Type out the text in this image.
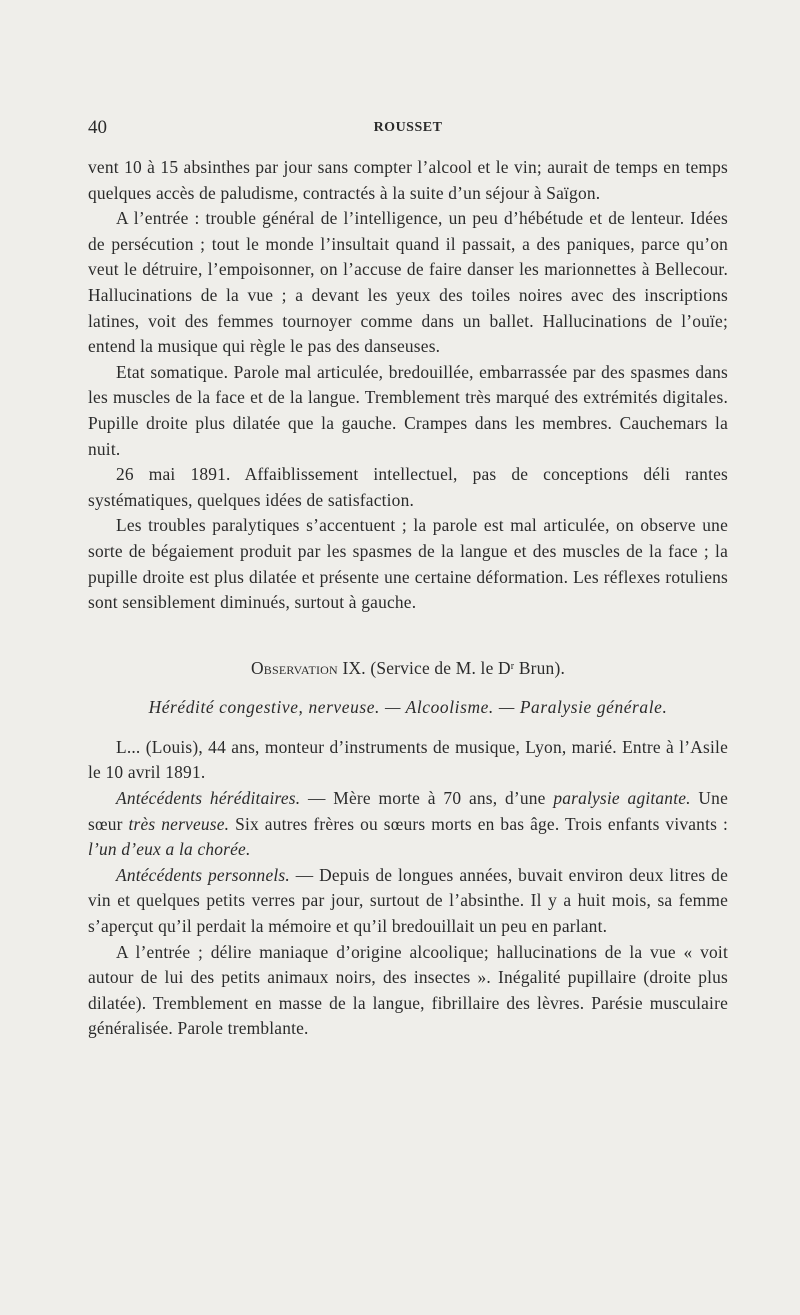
40	ROUSSET

vent 10 à 15 absinthes par jour sans compter l’alcool et le vin; aurait de temps en temps quelques accès de paludisme, contractés à la suite d’un séjour à Saïgon.

A l’entrée : trouble général de l’intelligence, un peu d’hébétude et de lenteur. Idées de persécution ; tout le monde l’insultait quand il passait, a des paniques, parce qu’on veut le détruire, l’empoisonner, on l’accuse de faire danser les marionnettes à Bellecour. Hallucinations de la vue ; a devant les yeux des toiles noires avec des inscriptions latines, voit des femmes tournoyer comme dans un ballet. Hallucinations de l’ouïe; entend la musique qui règle le pas des danseuses.

Etat somatique. Parole mal articulée, bredouillée, embarrassée par des spasmes dans les muscles de la face et de la langue. Tremblement très marqué des extrémités digitales. Pupille droite plus dilatée que la gauche. Crampes dans les membres. Cauchemars la nuit.

26 mai 1891. Affaiblissement intellectuel, pas de conceptions déli rantes systématiques, quelques idées de satisfaction.

Les troubles paralytiques s’accentuent ; la parole est mal articulée, on observe une sorte de bégaiement produit par les spasmes de la langue et des muscles de la face ; la pupille droite est plus dilatée et présente une certaine déformation. Les réflexes rotuliens sont sensiblement diminués, surtout à gauche.

Observation IX. (Service de M. le $D^r$ Brun).
Hérédité congestive, nerveuse. — Alcoolisme. — Paralysie générale.

L... (Louis), 44 ans, monteur d’instruments de musique, Lyon, marié. Entre à l’Asile le 10 avril 1891.

Antécédents héréditaires. — Mère morte à 70 ans, d’une paralysie agitante. Une sœur très nerveuse. Six autres frères ou sœurs morts en bas âge. Trois enfants vivants : l’un d’eux a la chorée.

Antécédents personnels. — Depuis de longues années, buvait environ deux litres de vin et quelques petits verres par jour, surtout de l’absinthe. Il y a huit mois, sa femme s’aperçut qu’il perdait la mémoire et qu’il bredouillait un peu en parlant.

A l’entrée ; délire maniaque d’origine alcoolique; hallucinations de la vue « voit autour de lui des petits animaux noirs, des insectes ». Inégalité pupillaire (droite plus dilatée). Tremblement en masse de la langue, fibrillaire des lèvres. Parésie musculaire généralisée. Parole tremblante.
